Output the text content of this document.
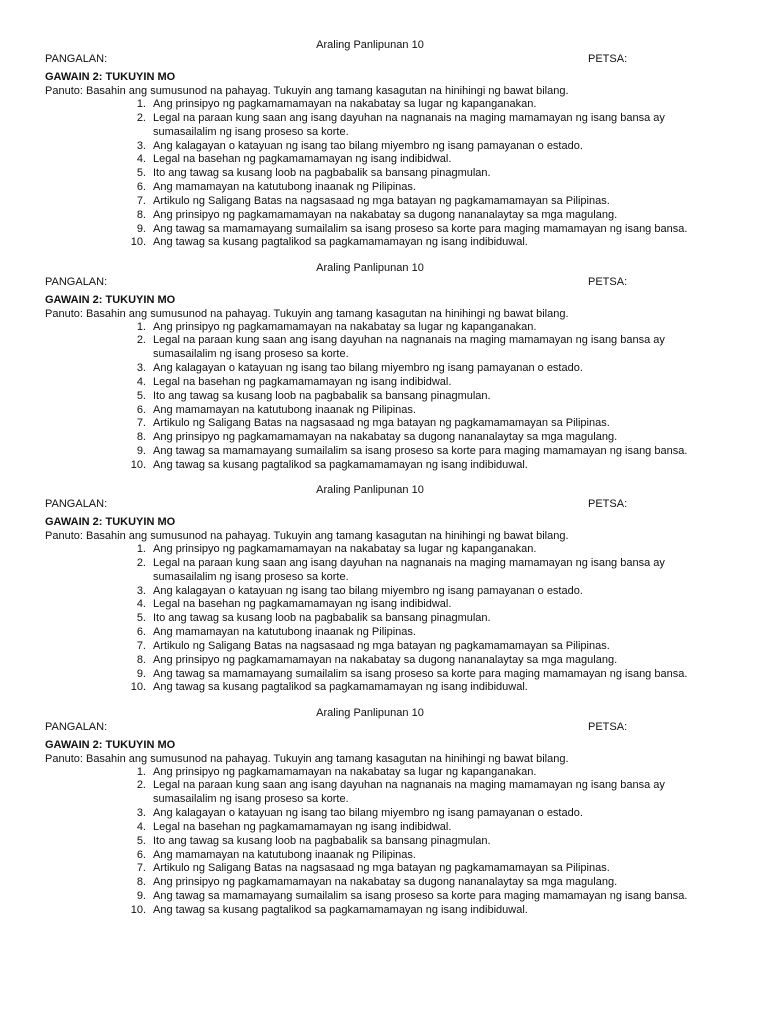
Araling Panlipunan 10
PANGALAN:	PETSA:
GAWAIN 2: TUKUYIN MO
Panuto: Basahin ang sumusunod na pahayag. Tukuyin ang tamang kasagutan na hinihingi ng bawat bilang.
1. Ang prinsipyo ng pagkamamamayan na nakabatay sa lugar ng kapanganakan.
2. Legal na paraan kung saan ang isang dayuhan na nagnanais na maging mamamayan ng isang bansa ay sumasailalim ng isang proseso sa korte.
3. Ang kalagayan o katayuan ng isang tao bilang miyembro ng isang pamayanan o estado.
4. Legal na basehan ng pagkamamamayan ng isang indibidwal.
5. Ito ang tawag sa kusang loob na pagbabalik sa bansang pinagmulan.
6. Ang mamamayan na katutubong inaanak ng Pilipinas.
7. Artikulo ng Saligang Batas na nagsasaad ng mga batayan ng pagkamamamayan sa Pilipinas.
8. Ang prinsipyo ng pagkamamamayan na nakabatay sa dugong nananalaytay sa mga magulang.
9. Ang tawag sa mamamayang sumailalim sa isang proseso sa korte para maging mamamayan ng isang bansa.
10. Ang tawag sa kusang pagtalikod sa pagkamamamayan ng isang indibiduwal.
Araling Panlipunan 10
PANGALAN:	PETSA:
GAWAIN 2: TUKUYIN MO
Panuto: Basahin ang sumusunod na pahayag. Tukuyin ang tamang kasagutan na hinihingi ng bawat bilang.
1. Ang prinsipyo ng pagkamamamayan na nakabatay sa lugar ng kapanganakan.
2. Legal na paraan kung saan ang isang dayuhan na nagnanais na maging mamamayan ng isang bansa ay sumasailalim ng isang proseso sa korte.
3. Ang kalagayan o katayuan ng isang tao bilang miyembro ng isang pamayanan o estado.
4. Legal na basehan ng pagkamamamayan ng isang indibidwal.
5. Ito ang tawag sa kusang loob na pagbabalik sa bansang pinagmulan.
6. Ang mamamayan na katutubong inaanak ng Pilipinas.
7. Artikulo ng Saligang Batas na nagsasaad ng mga batayan ng pagkamamamayan sa Pilipinas.
8. Ang prinsipyo ng pagkamamamayan na nakabatay sa dugong nananalaytay sa mga magulang.
9. Ang tawag sa mamamayang sumailalim sa isang proseso sa korte para maging mamamayan ng isang bansa.
10. Ang tawag sa kusang pagtalikod sa pagkamamamayan ng isang indibiduwal.
Araling Panlipunan 10
PANGALAN:	PETSA:
GAWAIN 2: TUKUYIN MO
Panuto: Basahin ang sumusunod na pahayag. Tukuyin ang tamang kasagutan na hinihingi ng bawat bilang.
1. Ang prinsipyo ng pagkamamamayan na nakabatay sa lugar ng kapanganakan.
2. Legal na paraan kung saan ang isang dayuhan na nagnanais na maging mamamayan ng isang bansa ay sumasailalim ng isang proseso sa korte.
3. Ang kalagayan o katayuan ng isang tao bilang miyembro ng isang pamayanan o estado.
4. Legal na basehan ng pagkamamamayan ng isang indibidwal.
5. Ito ang tawag sa kusang loob na pagbabalik sa bansang pinagmulan.
6. Ang mamamayan na katutubong inaanak ng Pilipinas.
7. Artikulo ng Saligang Batas na nagsasaad ng mga batayan ng pagkamamamayan sa Pilipinas.
8. Ang prinsipyo ng pagkamamamayan na nakabatay sa dugong nananalaytay sa mga magulang.
9. Ang tawag sa mamamayang sumailalim sa isang proseso sa korte para maging mamamayan ng isang bansa.
10. Ang tawag sa kusang pagtalikod sa pagkamamamayan ng isang indibiduwal.
Araling Panlipunan 10
PANGALAN:	PETSA:
GAWAIN 2: TUKUYIN MO
Panuto: Basahin ang sumusunod na pahayag. Tukuyin ang tamang kasagutan na hinihingi ng bawat bilang.
1. Ang prinsipyo ng pagkamamamayan na nakabatay sa lugar ng kapanganakan.
2. Legal na paraan kung saan ang isang dayuhan na nagnanais na maging mamamayan ng isang bansa ay sumasailalim ng isang proseso sa korte.
3. Ang kalagayan o katayuan ng isang tao bilang miyembro ng isang pamayanan o estado.
4. Legal na basehan ng pagkamamamayan ng isang indibidwal.
5. Ito ang tawag sa kusang loob na pagbabalik sa bansang pinagmulan.
6. Ang mamamayan na katutubong inaanak ng Pilipinas.
7. Artikulo ng Saligang Batas na nagsasaad ng mga batayan ng pagkamamamayan sa Pilipinas.
8. Ang prinsipyo ng pagkamamamayan na nakabatay sa dugong nananalaytay sa mga magulang.
9. Ang tawag sa mamamayang sumailalim sa isang proseso sa korte para maging mamamayan ng isang bansa.
10. Ang tawag sa kusang pagtalikod sa pagkamamamayan ng isang indibiduwal.
